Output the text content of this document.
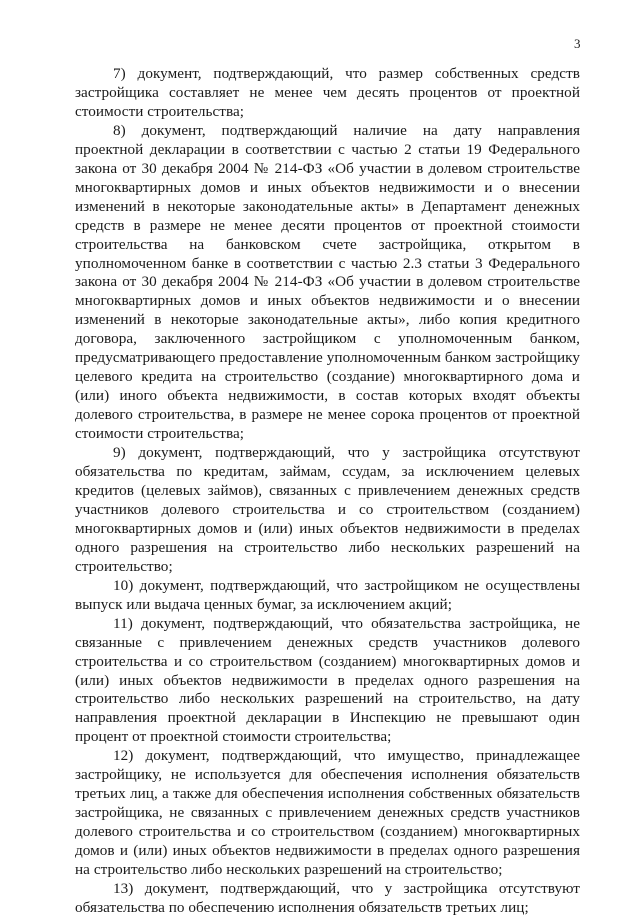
3

7) документ, подтверждающий, что размер собственных средств застройщика составляет не менее чем десять процентов от проектной стоимости строительства;

8) документ, подтверждающий наличие на дату направления проектной декларации в соответствии с частью 2 статьи 19 Федерального закона от 30 декабря 2004 № 214-ФЗ «Об участии в долевом строительстве многоквартирных домов и иных объектов недвижимости и о внесении изменений в некоторые законодательные акты» в Департамент денежных средств в размере не менее десяти процентов от проектной стоимости строительства на банковском счете застройщика, открытом в уполномоченном банке в соответствии с частью 2.3 статьи 3 Федерального закона от 30 декабря 2004 № 214-ФЗ «Об участии в долевом строительстве многоквартирных домов и иных объектов недвижимости и о внесении изменений в некоторые законодательные акты», либо копия кредитного договора, заключенного застройщиком с уполномоченным банком, предусматривающего предоставление уполномоченным банком застройщику целевого кредита на строительство (создание) многоквартирного дома и (или) иного объекта недвижимости, в состав которых входят объекты долевого строительства, в размере не менее сорока процентов от проектной стоимости строительства;

9) документ, подтверждающий, что у застройщика отсутствуют обязательства по кредитам, займам, ссудам, за исключением целевых кредитов (целевых займов), связанных с привлечением денежных средств участников долевого строительства и со строительством (созданием) многоквартирных домов и (или) иных объектов недвижимости в пределах одного разрешения на строительство либо нескольких разрешений на строительство;

10) документ, подтверждающий, что застройщиком не осуществлены выпуск или выдача ценных бумаг, за исключением акций;

11) документ, подтверждающий, что обязательства застройщика, не связанные с привлечением денежных средств участников долевого строительства и со строительством (созданием) многоквартирных домов и (или) иных объектов недвижимости в пределах одного разрешения на строительство либо нескольких разрешений на строительство, на дату направления проектной декларации в Инспекцию не превышают один процент от проектной стоимости строительства;

12) документ, подтверждающий, что имущество, принадлежащее застройщику, не используется для обеспечения исполнения обязательств третьих лиц, а также для обеспечения исполнения собственных обязательств застройщика, не связанных с привлечением денежных средств участников долевого строительства и со строительством (созданием) многоквартирных домов и (или) иных объектов недвижимости в пределах одного разрешения на строительство либо нескольких разрешений на строительство;

13) документ, подтверждающий, что у застройщика отсутствуют обязательства по обеспечению исполнения обязательств третьих лиц;
